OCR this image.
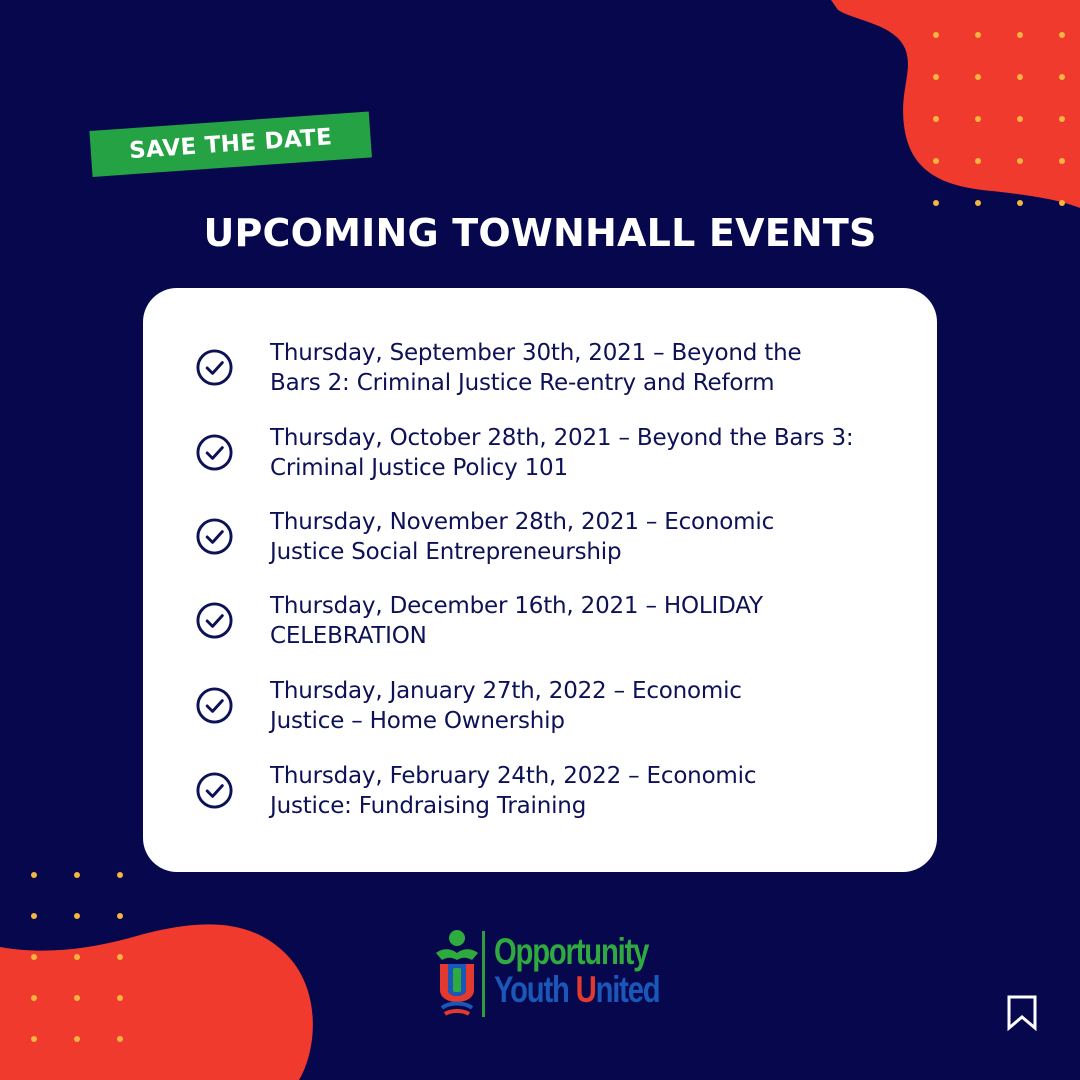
SAVE THE DATE
UPCOMING TOWNHALL EVENTS
Thursday, September 30th, 2021 – Beyond the
Bars 2: Criminal Justice Re-entry and Reform
Thursday, October 28th, 2021 – Beyond the Bars 3:
Criminal Justice Policy 101
Thursday, November 28th, 2021 – Economic
Justice Social Entrepreneurship
Thursday, December 16th, 2021 – HOLIDAY
CELEBRATION
Thursday, January 27th, 2022 – Economic
Justice – Home Ownership
Thursday, February 24th, 2022 – Economic
Justice: Fundraising Training
Opportunity
Youth United
